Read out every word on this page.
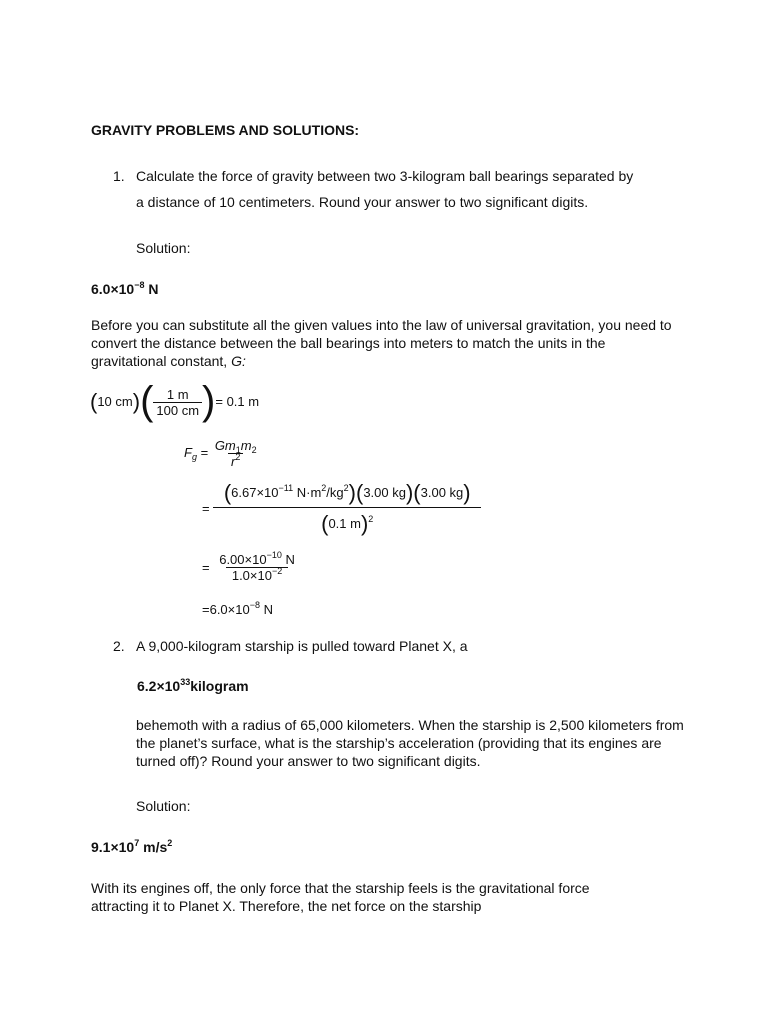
GRAVITY PROBLEMS AND SOLUTIONS:
1. Calculate the force of gravity between two 3-kilogram ball bearings separated by
a distance of 10 centimeters. Round your answer to two significant digits.
Solution:
$6.0\times 10^{-8}$ N
Before you can substitute all the given values into the law of universal gravitation, you need to convert the distance between the ball bearings into meters to match the units in the gravitational constant, G:
(10 $cm)( \frac{1 m}{100 cm}$ )= 0.1 m
$F_g = \frac{Gm_1m_2}{r^2}$
= $\frac{(6.67\times 10^{-11} N\cdot m^2/kg^2)(3.00 kg)(3.00 kg)}{(0.1 m)^2}$
= $\frac{6.00\times 10^{-10} N}{1.0\times 10^{-2}}$
$=6.0\times 10^{-8}$ N
2. A 9,000-kilogram starship is pulled toward Planet X, a
$6.2\times 10^{33}kilogram$
behemoth with a radius of 65,000 kilometers. When the starship is 2,500 kilometers from the planet’s surface, what is the starship’s acceleration (providing that its engines are turned off)? Round your answer to two significant digits.
Solution:
$9.1\times 10^7$ $m/s^2$
With its engines off, the only force that the starship feels is the gravitational force attracting it to Planet X. Therefore, the net force on the starship
